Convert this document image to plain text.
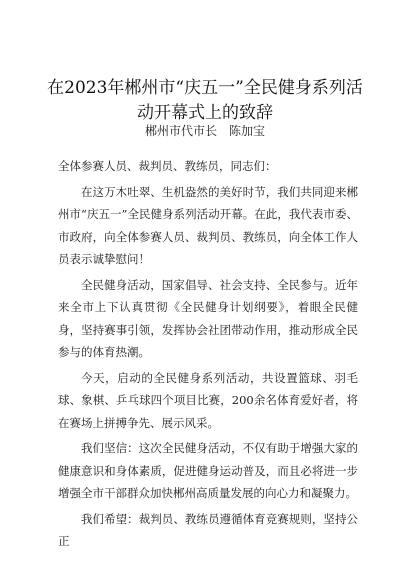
在2023年郴州市“庆五一”全民健身系列活
动开幕式上的致辞
郴州市代市长　陈加宝

全体参赛人员、裁判员、教练员，同志们：

在这万木吐翠、生机盎然的美好时节，我们共同迎来郴州市“庆五一”全民健身系列活动开幕。在此，我代表市委、市政府，向全体参赛人员、裁判员、教练员，向全体工作人员表示诚挚慰问！

全民健身活动，国家倡导、社会支持、全民参与。近年来全市上下认真贯彻《全民健身计划纲要》，着眼全民健身，坚持赛事引领，发挥协会社团带动作用，推动形成全民参与的体育热潮。

今天，启动的全民健身系列活动，共设置篮球、羽毛球、象棋、乒乓球四个项目比赛，200余名体育爱好者，将在赛场上拼搏争先、展示风采。

我们坚信：这次全民健身活动，不仅有助于增强大家的健康意识和身体素质，促进健身运动普及，而且必将进一步增强全市干部群众加快郴州高质量发展的向心力和凝聚力。

我们希望：裁判员、教练员遵循体育竞赛规则，坚持公正
